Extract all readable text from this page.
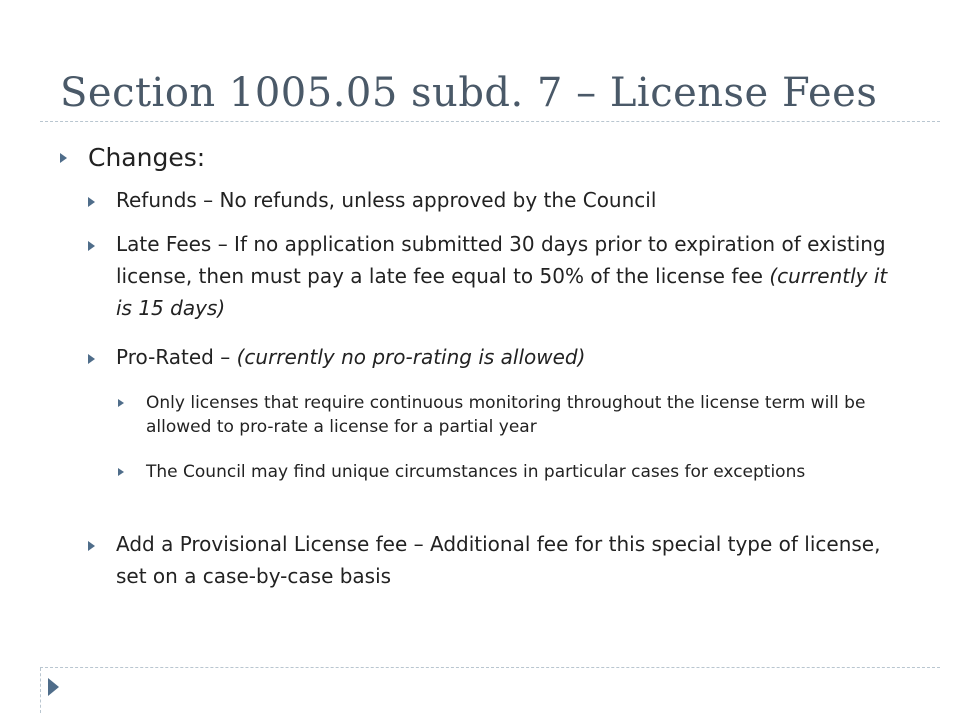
Section 1005.05 subd. 7 – License Fees

Changes:

Refunds – No refunds, unless approved by the Council

Late Fees – If no application submitted 30 days prior to expiration of existing license, then must pay a late fee equal to 50% of the license fee (currently it is 15 days)

Pro-Rated – (currently no pro-rating is allowed)

Only licenses that require continuous monitoring throughout the license term will be allowed to pro-rate a license for a partial year

The Council may find unique circumstances in particular cases for exceptions

Add a Provisional License fee – Additional fee for this special type of license, set on a case-by-case basis
